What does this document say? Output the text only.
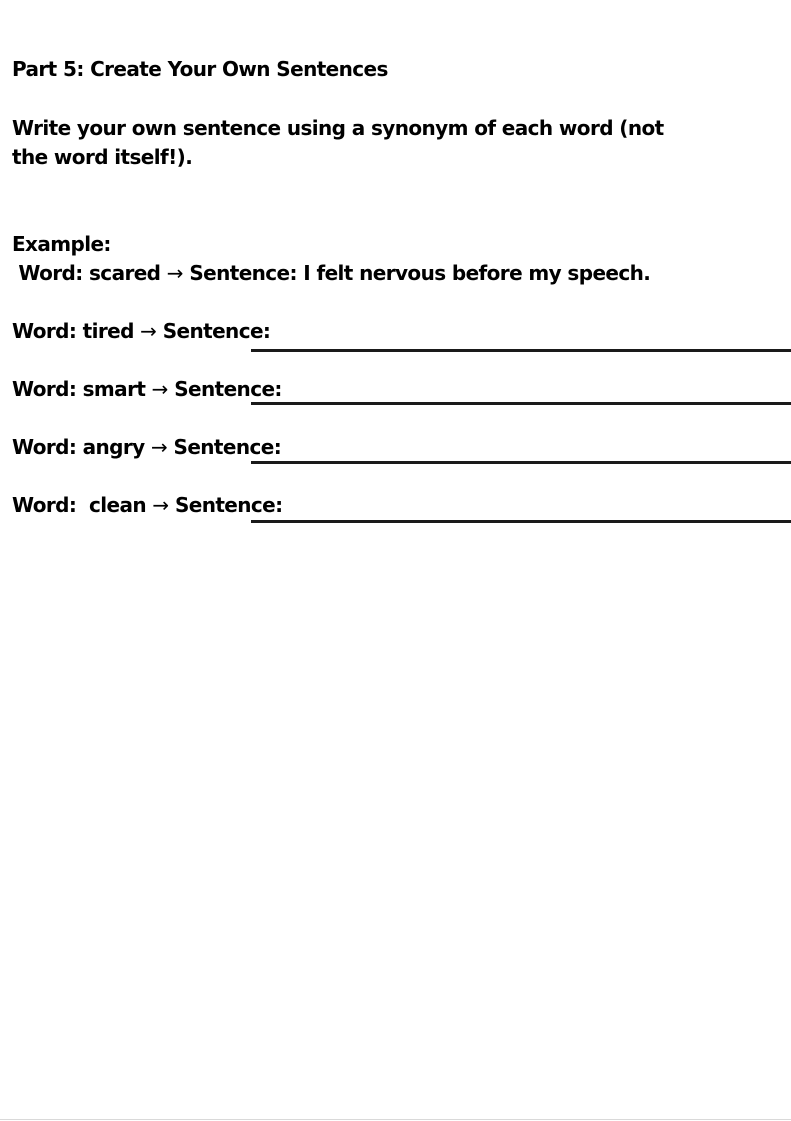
Part 5: Create Your Own Sentences
Write your own sentence using a synonym of each word (not the word itself!).
Example:
Word: scared → Sentence: I felt nervous before my speech.
Word: tired → Sentence:
Word: smart → Sentence:
Word: angry → Sentence:
Word:  clean → Sentence:
